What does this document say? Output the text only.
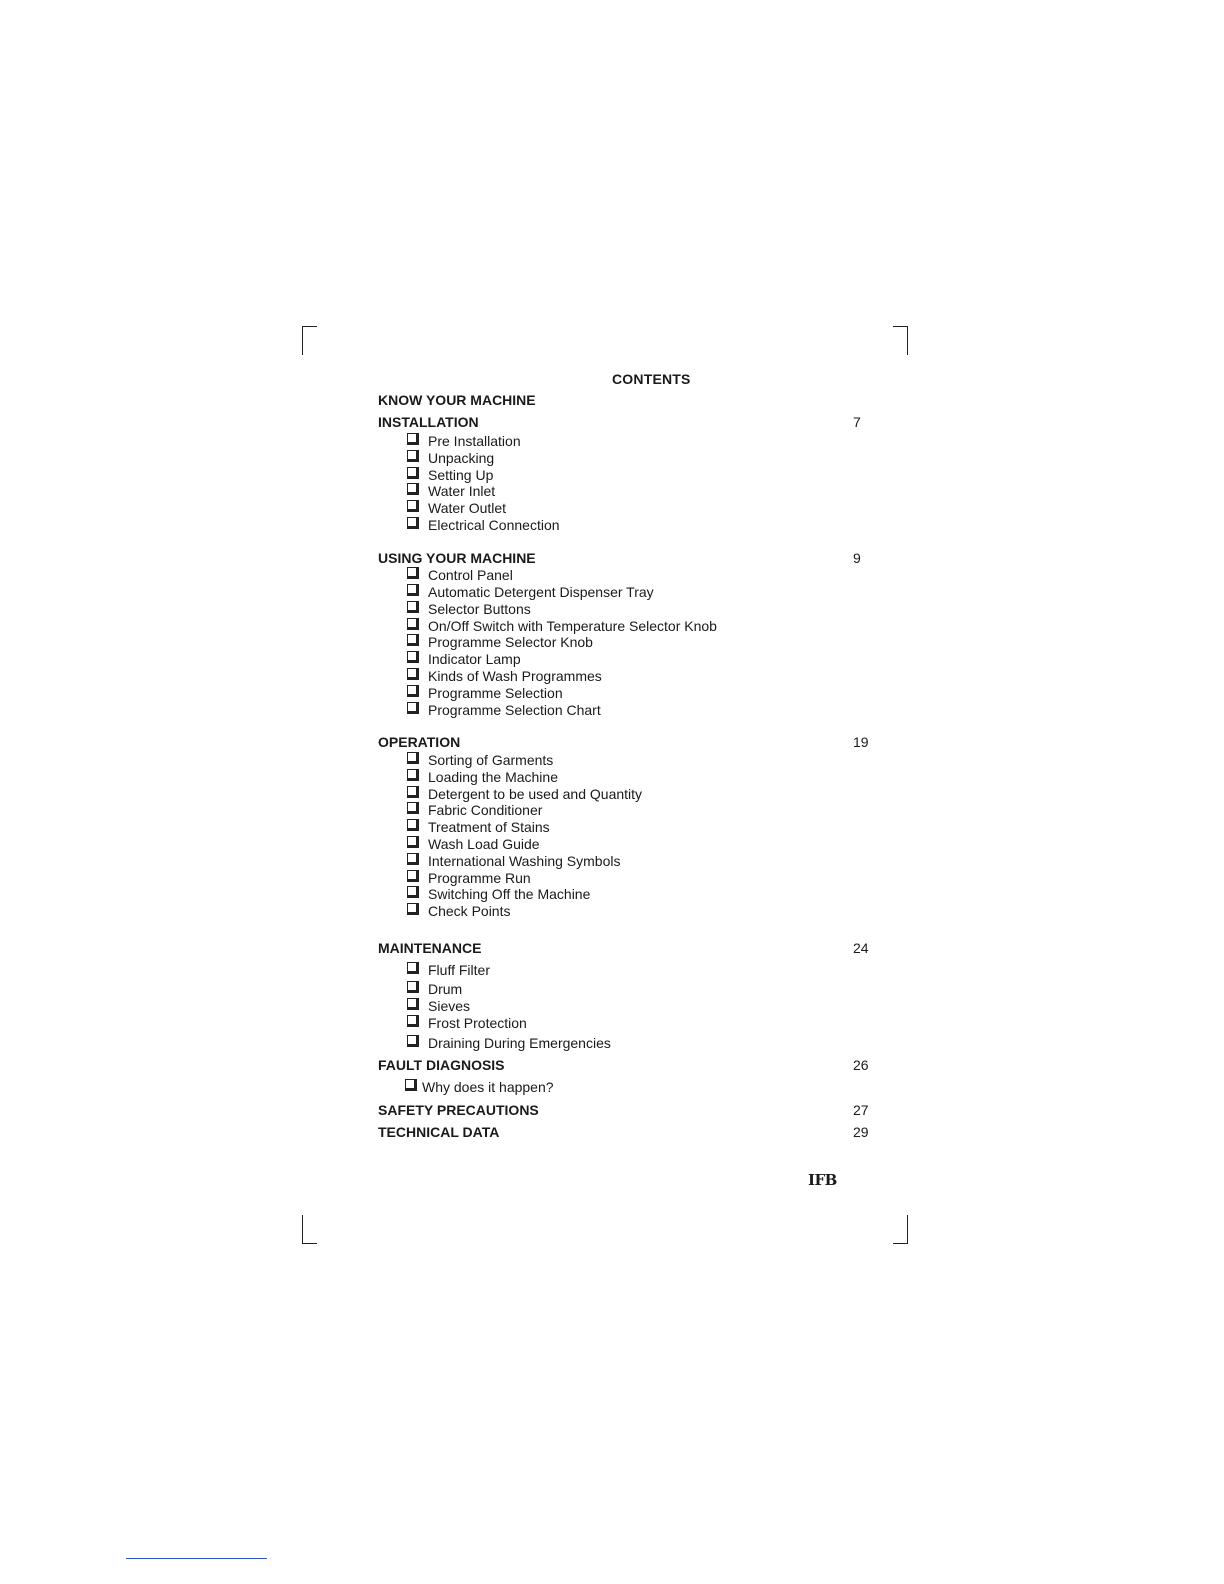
CONTENTS
KNOW YOUR MACHINE
INSTALLATION	7
Pre Installation
Unpacking
Setting Up
Water Inlet
Water Outlet
Electrical Connection
USING YOUR MACHINE	9
Control Panel
Automatic Detergent Dispenser Tray
Selector Buttons
On/Off Switch with Temperature Selector Knob
Programme Selector Knob
Indicator Lamp
Kinds of Wash Programmes
Programme Selection
Programme Selection Chart
OPERATION	19
Sorting of Garments
Loading the Machine
Detergent to be used and Quantity
Fabric Conditioner
Treatment of Stains
Wash Load Guide
International Washing Symbols
Programme Run
Switching Off the Machine
Check Points
MAINTENANCE	24
Fluff Filter
Drum
Sieves
Frost Protection
Draining During Emergencies
FAULT DIAGNOSIS	26
Why does it happen?
SAFETY PRECAUTIONS	27
TECHNICAL DATA	29
IFB
